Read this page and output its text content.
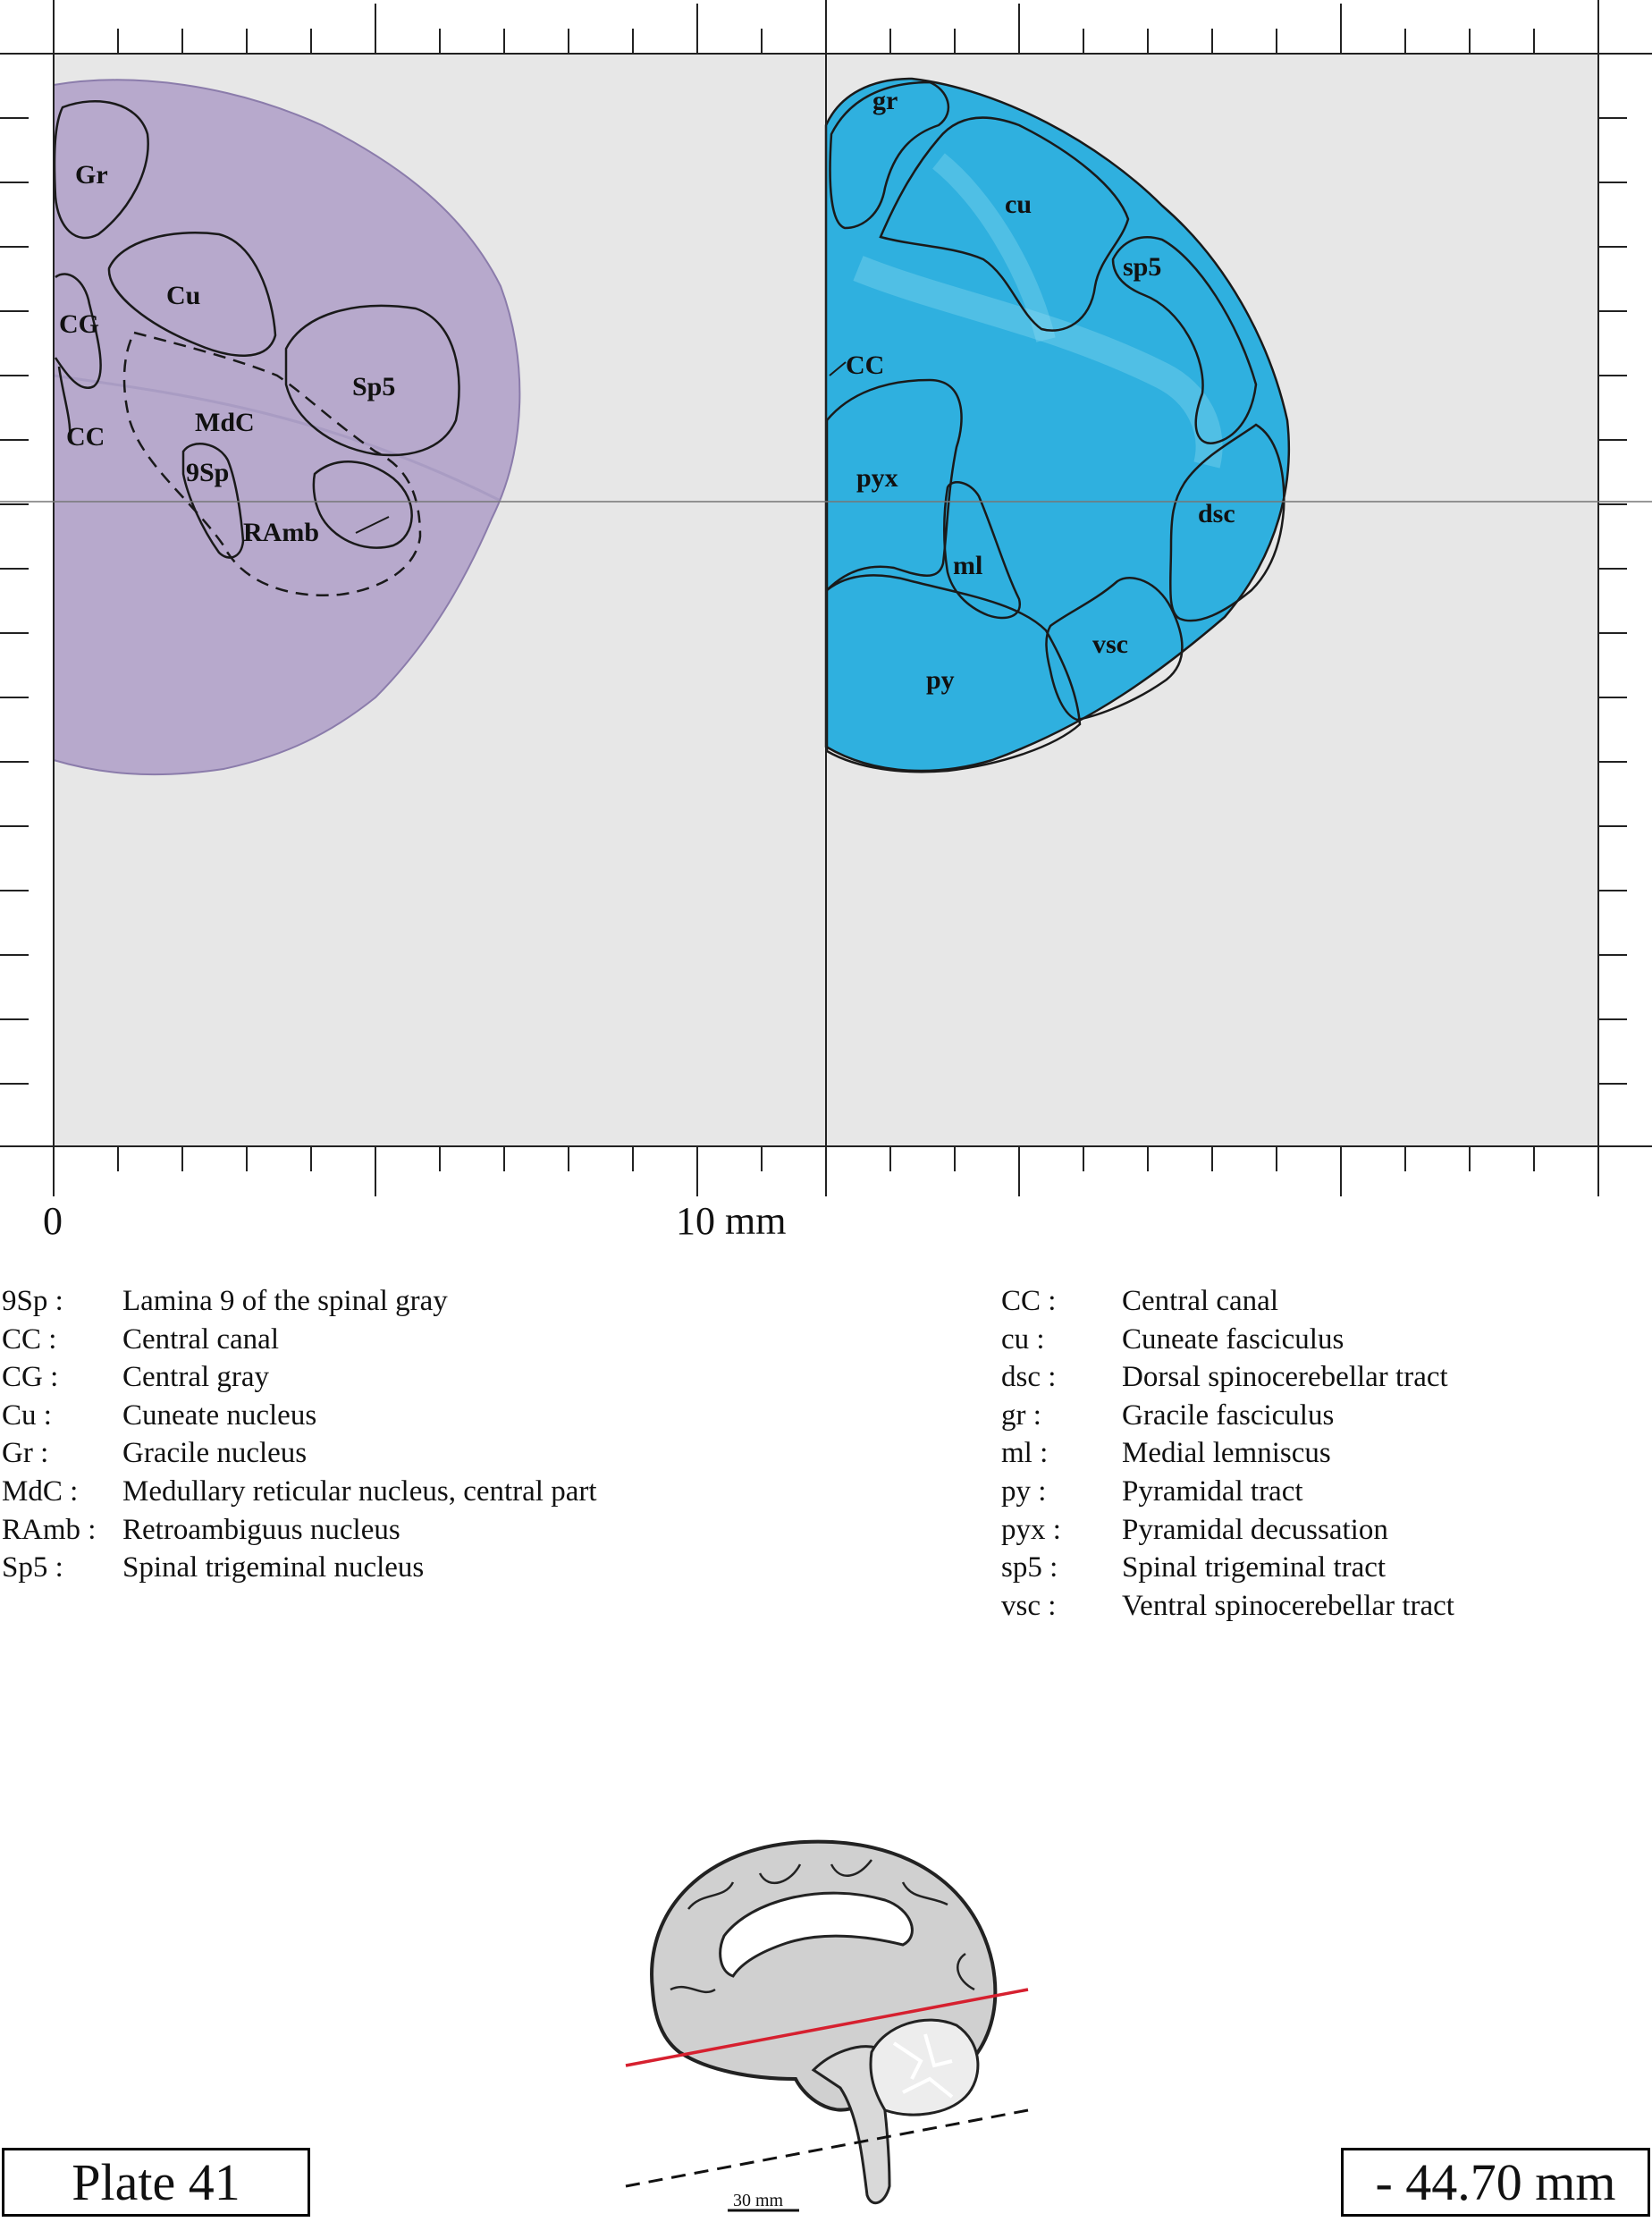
Gr
Cu
CG
CC
Sp5
MdC
9Sp
RAmb
gr
cu
sp5
CC
pyx
dsc
ml
vsc
py
0	10 mm
9Sp :	Lamina 9 of the spinal gray
CC :	Central canal
CG :	Central gray
Cu :	Cuneate nucleus
Gr :	Gracile nucleus
MdC :	Medullary reticular nucleus, central part
RAmb : Retroambiguus nucleus
Sp5 :	Spinal trigeminal nucleus
CC :	Central canal
cu :	Cuneate fasciculus
dsc :	Dorsal spinocerebellar tract
gr :	Gracile fasciculus
ml :	Medial lemniscus
py :	Pyramidal tract
pyx :	Pyramidal decussation
sp5 :	Spinal trigeminal tract
vsc :	Ventral spinocerebellar tract
30 mm
Plate 41	- 44.70 mm
